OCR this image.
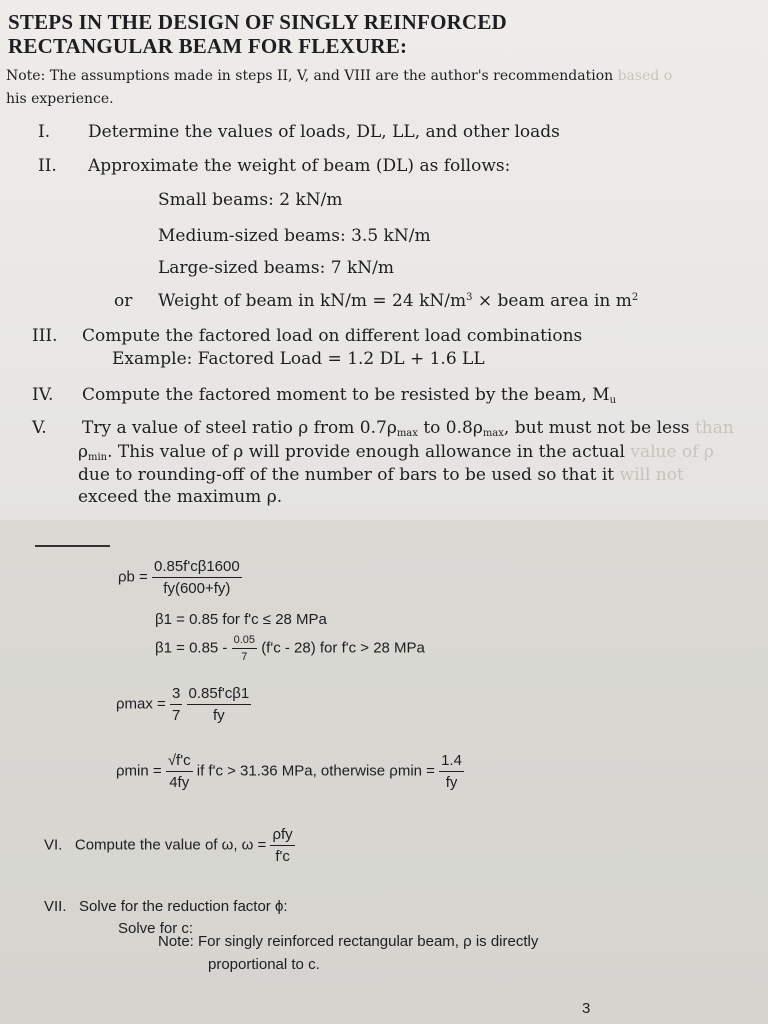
STEPS IN THE DESIGN OF SINGLY REINFORCED
RECTANGULAR BEAM FOR FLEXURE:
Note: The assumptions made in steps II, V, and VIII are the author's recommendation based o
his experience.
I. Determine the values of loads, DL, LL, and other loads
II. Approximate the weight of beam (DL) as follows:
Small beams: 2 kN/m
Medium-sized beams: 3.5 kN/m
Large-sized beams: 7 kN/m
or Weight of beam in kN/m = 24 $kN/m^3$ × beam area in $m^2$
III. Compute the factored load on different load combinations
Example: Factored Load = 1.2 DL + 1.6 LL
IV. Compute the factored moment to be resisted by the beam, $M_u$
V. Try a value of steel ratio ρ from $0.7\rho_{max}$ to $0.8\rho_{max}$, but must not be less than
$\rho_{min}$. This value of ρ will provide enough allowance in the actual value of ρ
due to rounding-off of the number of bars to be used so that it will not
exceed the maximum ρ.
$\rho b = \frac{0.85f'c\beta 1600}{fy(600+fy)}$
β1 = 0.85 for f'c ≤ 28 MPa
$\beta 1 = 0.85 - \frac{0.05}{7} (f'c - 28)$ for f'c > 28 MPa
$\rho\max = \frac{3}{7}$
$\frac{0.85f'c\beta 1}{fy}$
$\rho\min = \frac{√f'c}{4fy}$ if f'c > 31.36 MPa, otherwise $\rho\min = \frac{1.4}{fy}$
VI. Compute the value of ω, $\omega = \frac{\text{ρfy}}{f'c}$
VII. Solve for the reduction factor ϕ:
Solve for c:
Note: For singly reinforced rectangular beam, ρ is directly
proportional to c.
3
